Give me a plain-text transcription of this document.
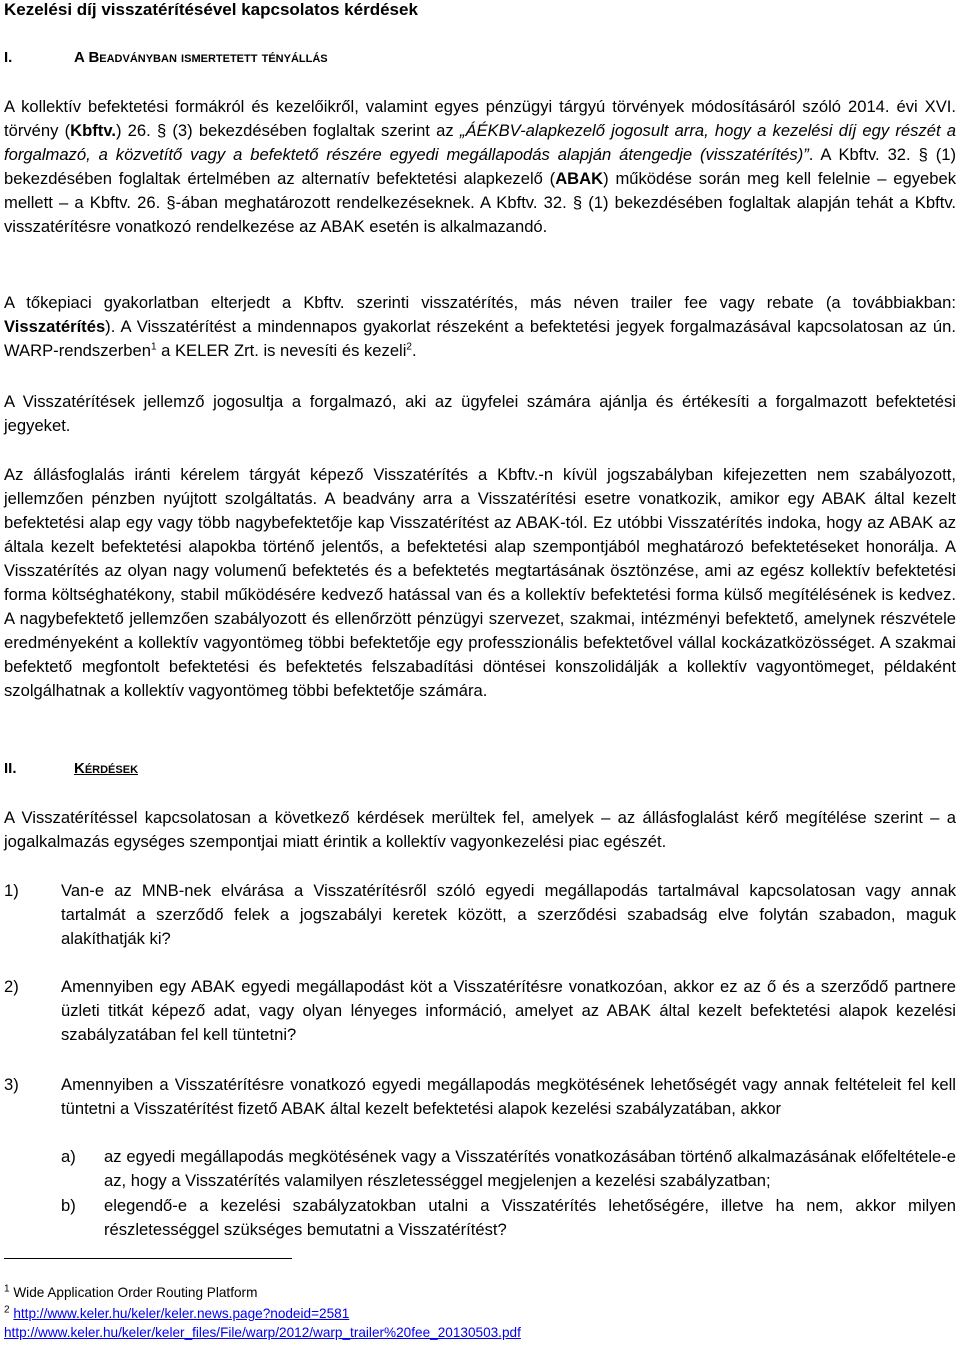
Kezelési díj visszatérítésével kapcsolatos kérdések
I.	A Beadványban ismertetett tényállás
A kollektív befektetési formákról és kezelőikről, valamint egyes pénzügyi tárgyú törvények módosításáról szóló 2014. évi XVI. törvény (Kbftv.) 26. § (3) bekezdésében foglaltak szerint az „ÁÉKBV-alapkezelő jogosult arra, hogy a kezelési díj egy részét a forgalmazó, a közvetítő vagy a befektető részére egyedi megállapodás alapján átengedje (visszatérítés)”. A Kbftv. 32. § (1) bekezdésében foglaltak értelmében az alternatív befektetési alapkezelő (ABAK) működése során meg kell felelnie – egyebek mellett – a Kbftv. 26. §-ában meghatározott rendelkezéseknek. A Kbftv. 32. § (1) bekezdésében foglaltak alapján tehát a Kbftv. visszatérítésre vonatkozó rendelkezése az ABAK esetén is alkalmazandó.
A tőkepiaci gyakorlatban elterjedt a Kbftv. szerinti visszatérítés, más néven trailer fee vagy rebate (a továbbiakban: Visszatérítés). A Visszatérítést a mindennapos gyakorlat részeként a befektetési jegyek forgalmazásával kapcsolatosan az ún. WARP-rendszerben$^1$ a KELER Zrt. is nevesíti és kezeli$^2$.
A Visszatérítések jellemző jogosultja a forgalmazó, aki az ügyfelei számára ajánlja és értékesíti a forgalmazott befektetési jegyeket.
Az állásfoglalás iránti kérelem tárgyát képező Visszatérítés a Kbftv.-n kívül jogszabályban kifejezetten nem szabályozott, jellemzően pénzben nyújtott szolgáltatás. A beadvány arra a Visszatérítési esetre vonatkozik, amikor egy ABAK által kezelt befektetési alap egy vagy több nagybefektetője kap Visszatérítést az ABAK-tól. Ez utóbbi Visszatérítés indoka, hogy az ABAK az általa kezelt befektetési alapokba történő jelentős, a befektetési alap szempontjából meghatározó befektetéseket honorálja. A Visszatérítés az olyan nagy volumenű befektetés és a befektetés megtartásának ösztönzése, ami az egész kollektív befektetési forma költséghatékony, stabil működésére kedvező hatással van és a kollektív befektetési forma külső megítélésének is kedvez. A nagybefektető jellemzően szabályozott és ellenőrzött pénzügyi szervezet, szakmai, intézményi befektető, amelynek részvétele eredményeként a kollektív vagyontömeg többi befektetője egy professzionális befektetővel vállal kockázatközösséget. A szakmai befektető megfontolt befektetési és befektetés felszabadítási döntései konszolidálják a kollektív vagyontömeget, példaként szolgálhatnak a kollektív vagyontömeg többi befektetője számára.
II.	Kérdések
A Visszatérítéssel kapcsolatosan a következő kérdések merültek fel, amelyek – az állásfoglalást kérő megítélése szerint – a jogalkalmazás egységes szempontjai miatt érintik a kollektív vagyonkezelési piac egészét.
1)	Van-e az MNB-nek elvárása a Visszatérítésről szóló egyedi megállapodás tartalmával kapcsolatosan vagy annak tartalmát a szerződő felek a jogszabályi keretek között, a szerződési szabadság elve folytán szabadon, maguk alakíthatják ki?
2)	Amennyiben egy ABAK egyedi megállapodást köt a Visszatérítésre vonatkozóan, akkor ez az ő és a szerződő partnere üzleti titkát képező adat, vagy olyan lényeges információ, amelyet az ABAK által kezelt befektetési alapok kezelési szabályzatában fel kell tüntetni?
3)	Amennyiben a Visszatérítésre vonatkozó egyedi megállapodás megkötésének lehetőségét vagy annak feltételeit fel kell tüntetni a Visszatérítést fizető ABAK által kezelt befektetési alapok kezelési szabályzatában, akkor
a) az egyedi megállapodás megkötésének vagy a Visszatérítés vonatkozásában történő alkalmazásának előfeltétele-e az, hogy a Visszatérítés valamilyen részletességgel megjelenjen a kezelési szabályzatban;
b) elegendő-e a kezelési szabályzatokban utalni a Visszatérítés lehetőségére, illetve ha nem, akkor milyen részletességgel szükséges bemutatni a Visszatérítést?
$^1$ Wide Application Order Routing Platform
$^2$ http://www.keler.hu/keler/keler.news.page?nodeid=2581
http://www.keler.hu/keler/keler_files/File/warp/2012/warp_trailer%20fee_20130503.pdf
